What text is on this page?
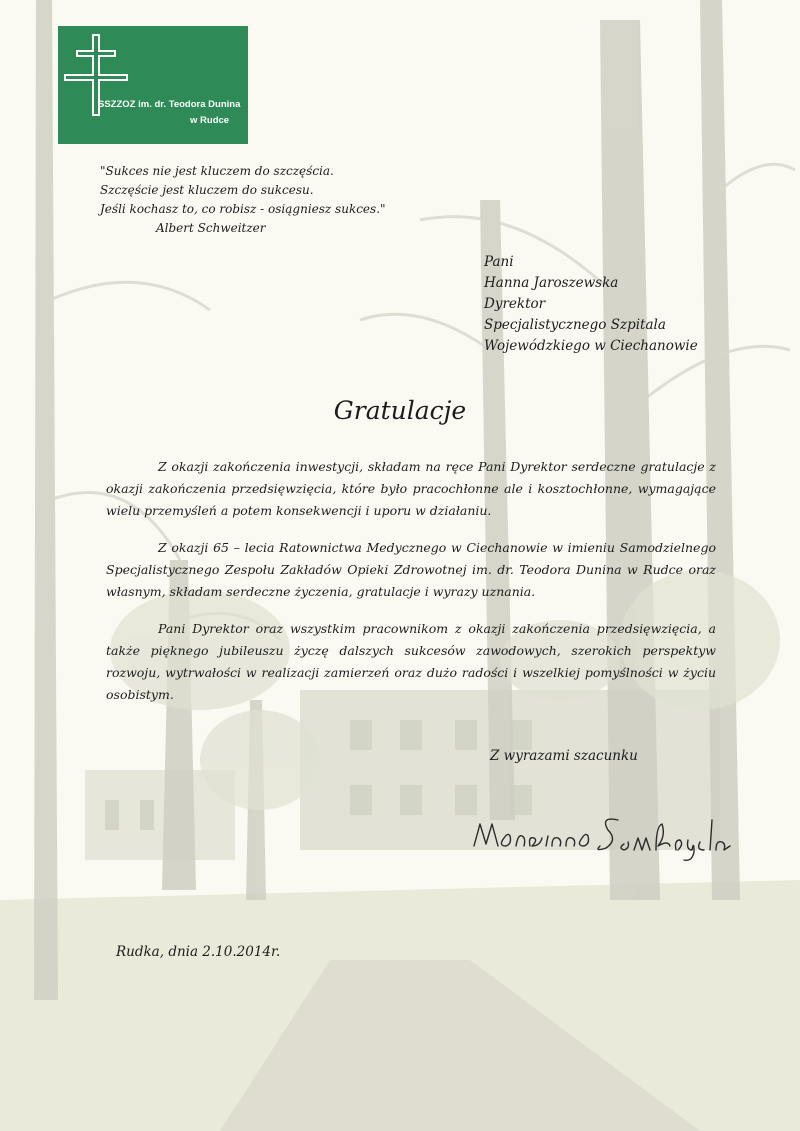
SSZZOZ im. dr. Teodora Dunina
w Rudce
"Sukces nie jest kluczem do szczęścia.
Szczęście jest kluczem do sukcesu.
Jeśli kochasz to, co robisz - osiągniesz sukces."
Albert Schweitzer
Pani
Hanna Jaroszewska
Dyrektor
Specjalistycznego Szpitala
Wojewódzkiego w Ciechanowie
Gratulacje

Z okazji zakończenia inwestycji, składam na ręce Pani Dyrektor serdeczne gratulacje z okazji zakończenia przedsięwzięcia, które było pracochłonne ale i kosztochłonne, wymagające wielu przemyśleń a potem konsekwencji i uporu w działaniu.

Z okazji 65 – lecia Ratownictwa Medycznego w Ciechanowie w imieniu Samodzielnego Specjalistycznego Zespołu Zakładów Opieki Zdrowotnej im. dr. Teodora Dunina w Rudce oraz własnym, składam serdeczne życzenia, gratulacje i wyrazy uznania.

Pani Dyrektor oraz wszystkim pracownikom z okazji zakończenia przedsięwzięcia, a także pięknego jubileuszu życzę dalszych sukcesów zawodowych, szerokich perspektyw rozwoju, wytrwałości w realizacji zamierzeń oraz dużo radości i wszelkiej pomyślności w życiu osobistym.

Z wyrazami szacunku
Rudka, dnia 2.10.2014r.
